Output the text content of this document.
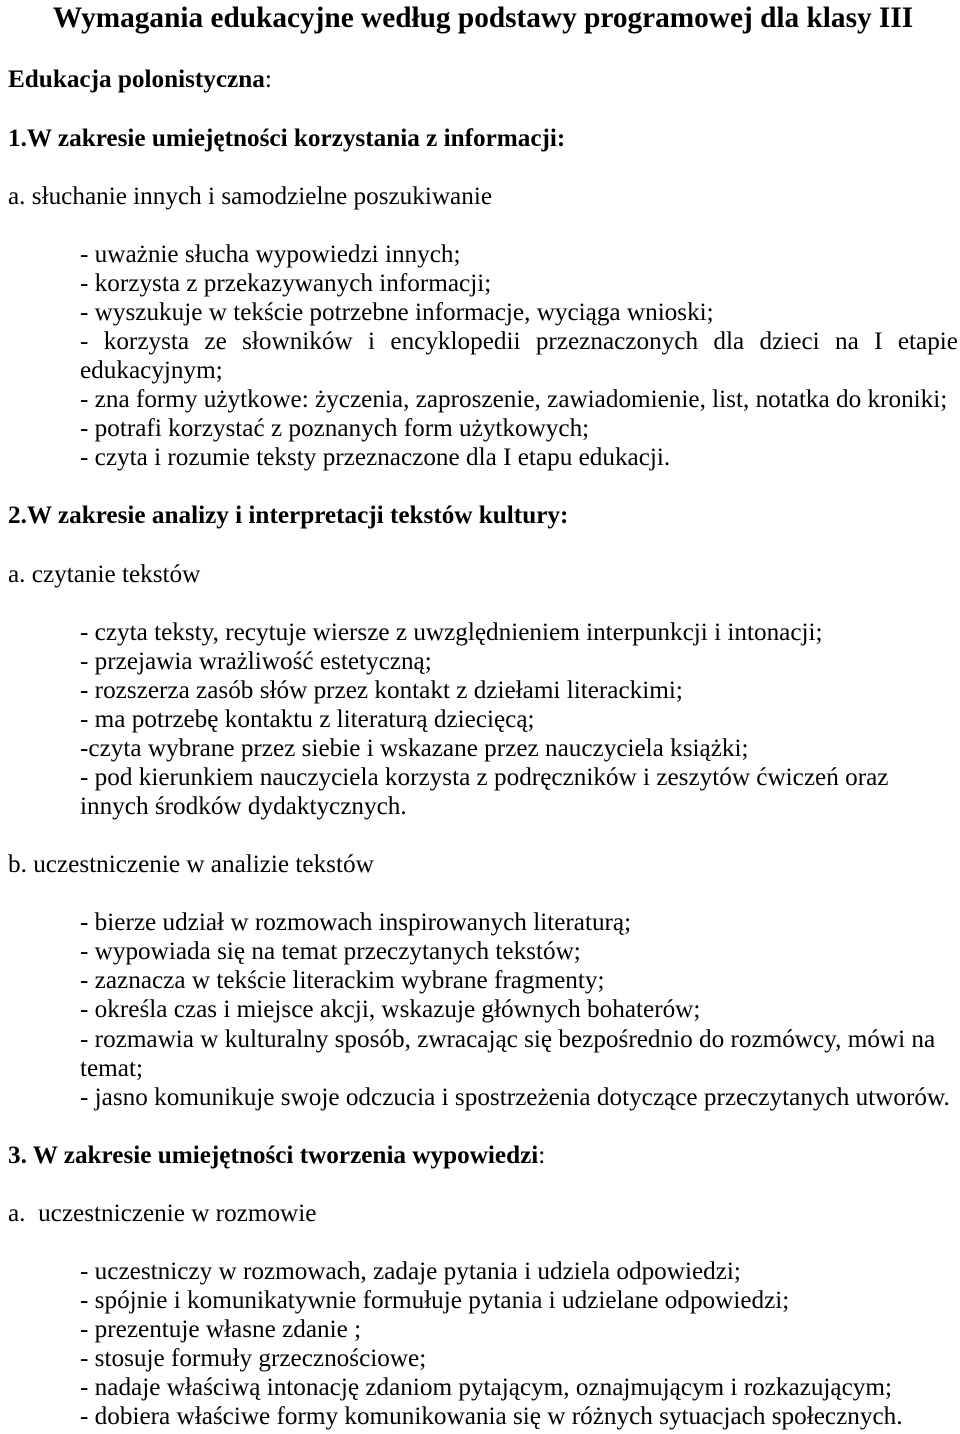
Wymagania edukacyjne według podstawy programowej dla klasy III
Edukacja polonistyczna:
1.W zakresie umiejętności korzystania z informacji:
a. słuchanie innych i samodzielne poszukiwanie
- uważnie słucha wypowiedzi innych;
- korzysta z przekazywanych informacji;
- wyszukuje w tekście potrzebne informacje, wyciąga wnioski;
- korzysta ze słowników i encyklopedii przeznaczonych dla dzieci na I etapie
edukacyjnym;
- zna formy użytkowe: życzenia, zaproszenie, zawiadomienie, list, notatka do kroniki;
- potrafi korzystać z poznanych form użytkowych;
- czyta i rozumie teksty przeznaczone dla I etapu edukacji.
2.W zakresie analizy i interpretacji tekstów kultury:
a. czytanie tekstów
- czyta teksty, recytuje wiersze z uwzględnieniem interpunkcji i intonacji;
- przejawia wrażliwość estetyczną;
- rozszerza zasób słów przez kontakt z dziełami literackimi;
- ma potrzebę kontaktu z literaturą dziecięcą;
-czyta wybrane przez siebie i wskazane przez nauczyciela książki;
- pod kierunkiem nauczyciela korzysta z podręczników i zeszytów ćwiczeń oraz
innych środków dydaktycznych.
b. uczestniczenie w analizie tekstów
- bierze udział w rozmowach inspirowanych literaturą;
- wypowiada się na temat przeczytanych tekstów;
- zaznacza w tekście literackim wybrane fragmenty;
- określa czas i miejsce akcji, wskazuje głównych bohaterów;
- rozmawia w kulturalny sposób, zwracając się bezpośrednio do rozmówcy, mówi na
temat;
- jasno komunikuje swoje odczucia i spostrzeżenia dotyczące przeczytanych utworów.
3. W zakresie umiejętności tworzenia wypowiedzi:
a.  uczestniczenie w rozmowie
- uczestniczy w rozmowach, zadaje pytania i udziela odpowiedzi;
- spójnie i komunikatywnie formułuje pytania i udzielane odpowiedzi;
- prezentuje własne zdanie ;
- stosuje formuły grzecznościowe;
- nadaje właściwą intonację zdaniom pytającym, oznajmującym i rozkazującym;
- dobiera właściwe formy komunikowania się w różnych sytuacjach społecznych.
